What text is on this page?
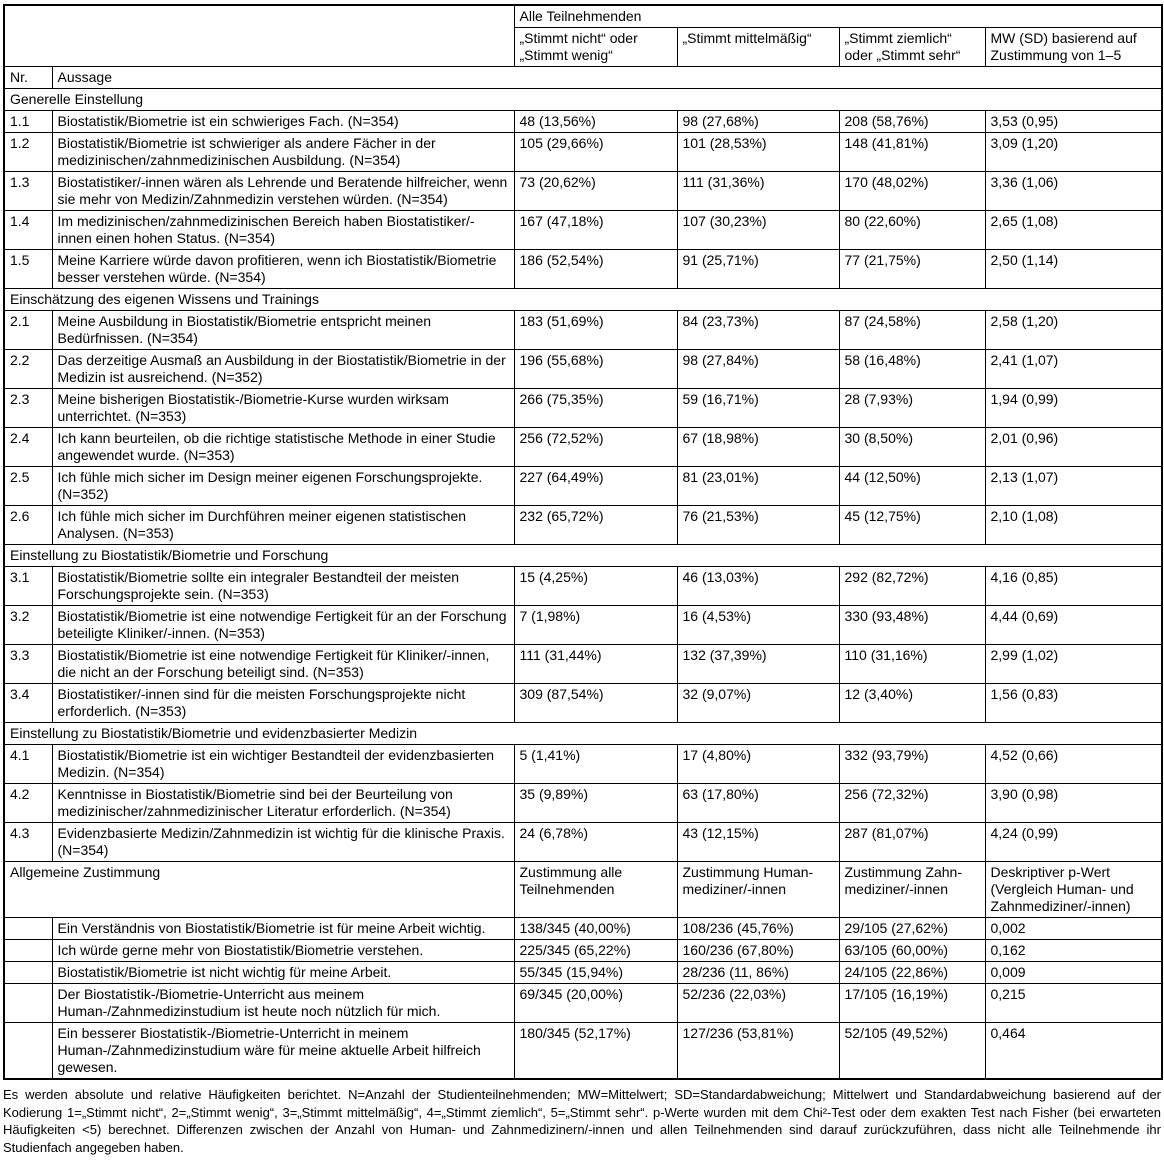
		Alle Teilnehmenden			
		„Stimmt nicht“ oder „Stimmt wenig“	„Stimmt mittelmäßig“	„Stimmt ziemlich“ oder „Stimmt sehr“	MW (SD) basierend auf Zustimmung von 1–5
Nr.	Aussage				
Generelle Einstellung					
1.1	Biostatistik/Biometrie ist ein schwieriges Fach. (N=354)	48 (13,56%)	98 (27,68%)	208 (58,76%)	3,53 (0,95)
1.2	Biostatistik/Biometrie ist schwieriger als andere Fächer in der medizinischen/zahnmedizinischen Ausbildung. (N=354)	105 (29,66%)	101 (28,53%)	148 (41,81%)	3,09 (1,20)
1.3	Biostatistiker/-innen wären als Lehrende und Beratende hilfreicher, wenn sie mehr von Medizin/Zahnmedizin verstehen würden. (N=354)	73 (20,62%)	111 (31,36%)	170 (48,02%)	3,36 (1,06)
1.4	Im medizinischen/zahnmedizinischen Bereich haben Biostatistiker/-innen einen hohen Status. (N=354)	167 (47,18%)	107 (30,23%)	80 (22,60%)	2,65 (1,08)
1.5	Meine Karriere würde davon profitieren, wenn ich Biostatistik/Biometrie besser verstehen würde. (N=354)	186 (52,54%)	91 (25,71%)	77 (21,75%)	2,50 (1,14)
Einschätzung des eigenen Wissens und Trainings					
2.1	Meine Ausbildung in Biostatistik/Biometrie entspricht meinen Bedürfnissen. (N=354)	183 (51,69%)	84 (23,73%)	87 (24,58%)	2,58 (1,20)
2.2	Das derzeitige Ausmaß an Ausbildung in der Biostatistik/Biometrie in der Medizin ist ausreichend. (N=352)	196 (55,68%)	98 (27,84%)	58 (16,48%)	2,41 (1,07)
2.3	Meine bisherigen Biostatistik-/Biometrie-Kurse wurden wirksam unterrichtet. (N=353)	266 (75,35%)	59 (16,71%)	28 (7,93%)	1,94 (0,99)
2.4	Ich kann beurteilen, ob die richtige statistische Methode in einer Studie angewendet wurde. (N=353)	256 (72,52%)	67 (18,98%)	30 (8,50%)	2,01 (0,96)
2.5	Ich fühle mich sicher im Design meiner eigenen Forschungsprojekte. (N=352)	227 (64,49%)	81 (23,01%)	44 (12,50%)	2,13 (1,07)
2.6	Ich fühle mich sicher im Durchführen meiner eigenen statistischen Analysen. (N=353)	232 (65,72%)	76 (21,53%)	45 (12,75%)	2,10 (1,08)
Einstellung zu Biostatistik/Biometrie und Forschung					
3.1	Biostatistik/Biometrie sollte ein integraler Bestandteil der meisten Forschungsprojekte sein. (N=353)	15 (4,25%)	46 (13,03%)	292 (82,72%)	4,16 (0,85)
3.2	Biostatistik/Biometrie ist eine notwendige Fertigkeit für an der Forschung beteiligte Kliniker/-innen. (N=353)	7 (1,98%)	16 (4,53%)	330 (93,48%)	4,44 (0,69)
3.3	Biostatistik/Biometrie ist eine notwendige Fertigkeit für Kliniker/-innen, die nicht an der Forschung beteiligt sind. (N=353)	111 (31,44%)	132 (37,39%)	110 (31,16%)	2,99 (1,02)
3.4	Biostatistiker/-innen sind für die meisten Forschungsprojekte nicht erforderlich. (N=353)	309 (87,54%)	32 (9,07%)	12 (3,40%)	1,56 (0,83)
Einstellung zu Biostatistik/Biometrie und evidenzbasierter Medizin					
4.1	Biostatistik/Biometrie ist ein wichtiger Bestandteil der evidenzbasierten Medizin. (N=354)	5 (1,41%)	17 (4,80%)	332 (93,79%)	4,52 (0,66)
4.2	Kenntnisse in Biostatistik/Biometrie sind bei der Beurteilung von medizinischer/zahnmedizinischer Literatur erforderlich. (N=354)	35 (9,89%)	63 (17,80%)	256 (72,32%)	3,90 (0,98)
4.3	Evidenzbasierte Medizin/Zahnmedizin ist wichtig für die klinische Praxis. (N=354)	24 (6,78%)	43 (12,15%)	287 (81,07%)	4,24 (0,99)
Allgemeine Zustimmung		Zustimmung alle Teilnehmenden	Zustimmung Human-mediziner/-innen	Zustimmung Zahn-mediziner/-innen	Deskriptiver p-Wert (Vergleich Human- und Zahnmediziner/-innen)
	Ein Verständnis von Biostatistik/Biometrie ist für meine Arbeit wichtig.	138/345 (40,00%)	108/236 (45,76%)	29/105 (27,62%)	0,002
	Ich würde gerne mehr von Biostatistik/Biometrie verstehen.	225/345 (65,22%)	160/236 (67,80%)	63/105 (60,00%)	0,162
	Biostatistik/Biometrie ist nicht wichtig für meine Arbeit.	55/345 (15,94%)	28/236 (11, 86%)	24/105 (22,86%)	0,009
	Der Biostatistik-/Biometrie-Unterricht aus meinem Human-/Zahnmedizinstudium ist heute noch nützlich für mich.	69/345 (20,00%)	52/236 (22,03%)	17/105 (16,19%)	0,215
	Ein besserer Biostatistik-/Biometrie-Unterricht in meinem Human-/Zahnmedizinstudium wäre für meine aktuelle Arbeit hilfreich gewesen.	180/345 (52,17%)	127/236 (53,81%)	52/105 (49,52%)	0,464

Es werden absolute und relative Häufigkeiten berichtet. N=Anzahl der Studienteilnehmenden; MW=Mittelwert; SD=Standardabweichung; Mittelwert und Standardabweichung basierend auf der Kodierung 1=„Stimmt nicht“, 2=„Stimmt wenig“, 3=„Stimmt mittelmäßig“, 4=„Stimmt ziemlich“, 5=„Stimmt sehr“. p-Werte wurden mit dem Chi²-Test oder dem exakten Test nach Fisher (bei erwarteten Häufigkeiten <5) berechnet. Differenzen zwischen der Anzahl von Human- und Zahnmedizinern/-innen und allen Teilnehmenden sind darauf zurückzuführen, dass nicht alle Teilnehmende ihr Studienfach angegeben haben.
